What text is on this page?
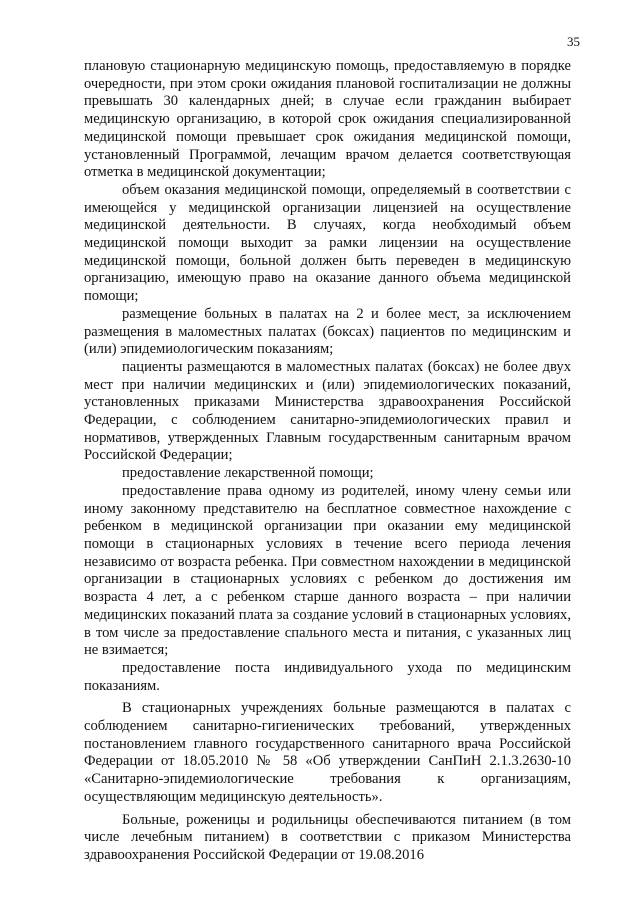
35

плановую стационарную медицинскую помощь, предоставляемую в порядке очередности, при этом сроки ожидания плановой госпитализации не должны превышать 30 календарных дней; в случае если гражданин выбирает медицинскую организацию, в которой срок ожидания специализированной медицинской помощи превышает срок ожидания медицинской помощи, установленный Программой, лечащим врачом делается соответствующая отметка в медицинской документации;

объем оказания медицинской помощи, определяемый в соответствии с имеющейся у медицинской организации лицензией на осуществление медицинской деятельности. В случаях, когда необходимый объем медицинской помощи выходит за рамки лицензии на осуществление медицинской помощи, больной должен быть переведен в медицинскую организацию, имеющую право на оказание данного объема медицинской помощи;

размещение больных в палатах на 2 и более мест, за исключением размещения в маломестных палатах (боксах) пациентов по медицинским и (или) эпидемиологическим показаниям;

пациенты размещаются в маломестных палатах (боксах) не более двух мест при наличии медицинских и (или) эпидемиологических показаний, установленных приказами Министерства здравоохранения Российской Федерации, с соблюдением санитарно-эпидемиологических правил и нормативов, утвержденных Главным государственным санитарным врачом Российской Федерации;

предоставление лекарственной помощи;

предоставление права одному из родителей, иному члену семьи или иному законному представителю на бесплатное совместное нахождение с ребенком в медицинской организации при оказании ему медицинской помощи в стационарных условиях в течение всего периода лечения независимо от возраста ребенка. При совместном нахождении в медицинской организации в стационарных условиях с ребенком до достижения им возраста 4 лет, а с ребенком старше данного возраста – при наличии медицинских показаний плата за создание условий в стационарных условиях, в том числе за предоставление спального места и питания, с указанных лиц не взимается;

предоставление поста индивидуального ухода по медицинским показаниям.

В стационарных учреждениях больные размещаются в палатах с соблюдением санитарно-гигиенических требований, утвержденных постановлением главного государственного санитарного врача Российской Федерации от 18.05.2010 № 58 «Об утверждении СанПиН 2.1.3.2630-10 «Санитарно-эпидемиологические требования к организациям, осуществляющим медицинскую деятельность».

Больные, роженицы и родильницы обеспечиваются питанием (в том числе лечебным питанием) в соответствии с приказом Министерства здравоохранения Российской Федерации от 19.08.2016
